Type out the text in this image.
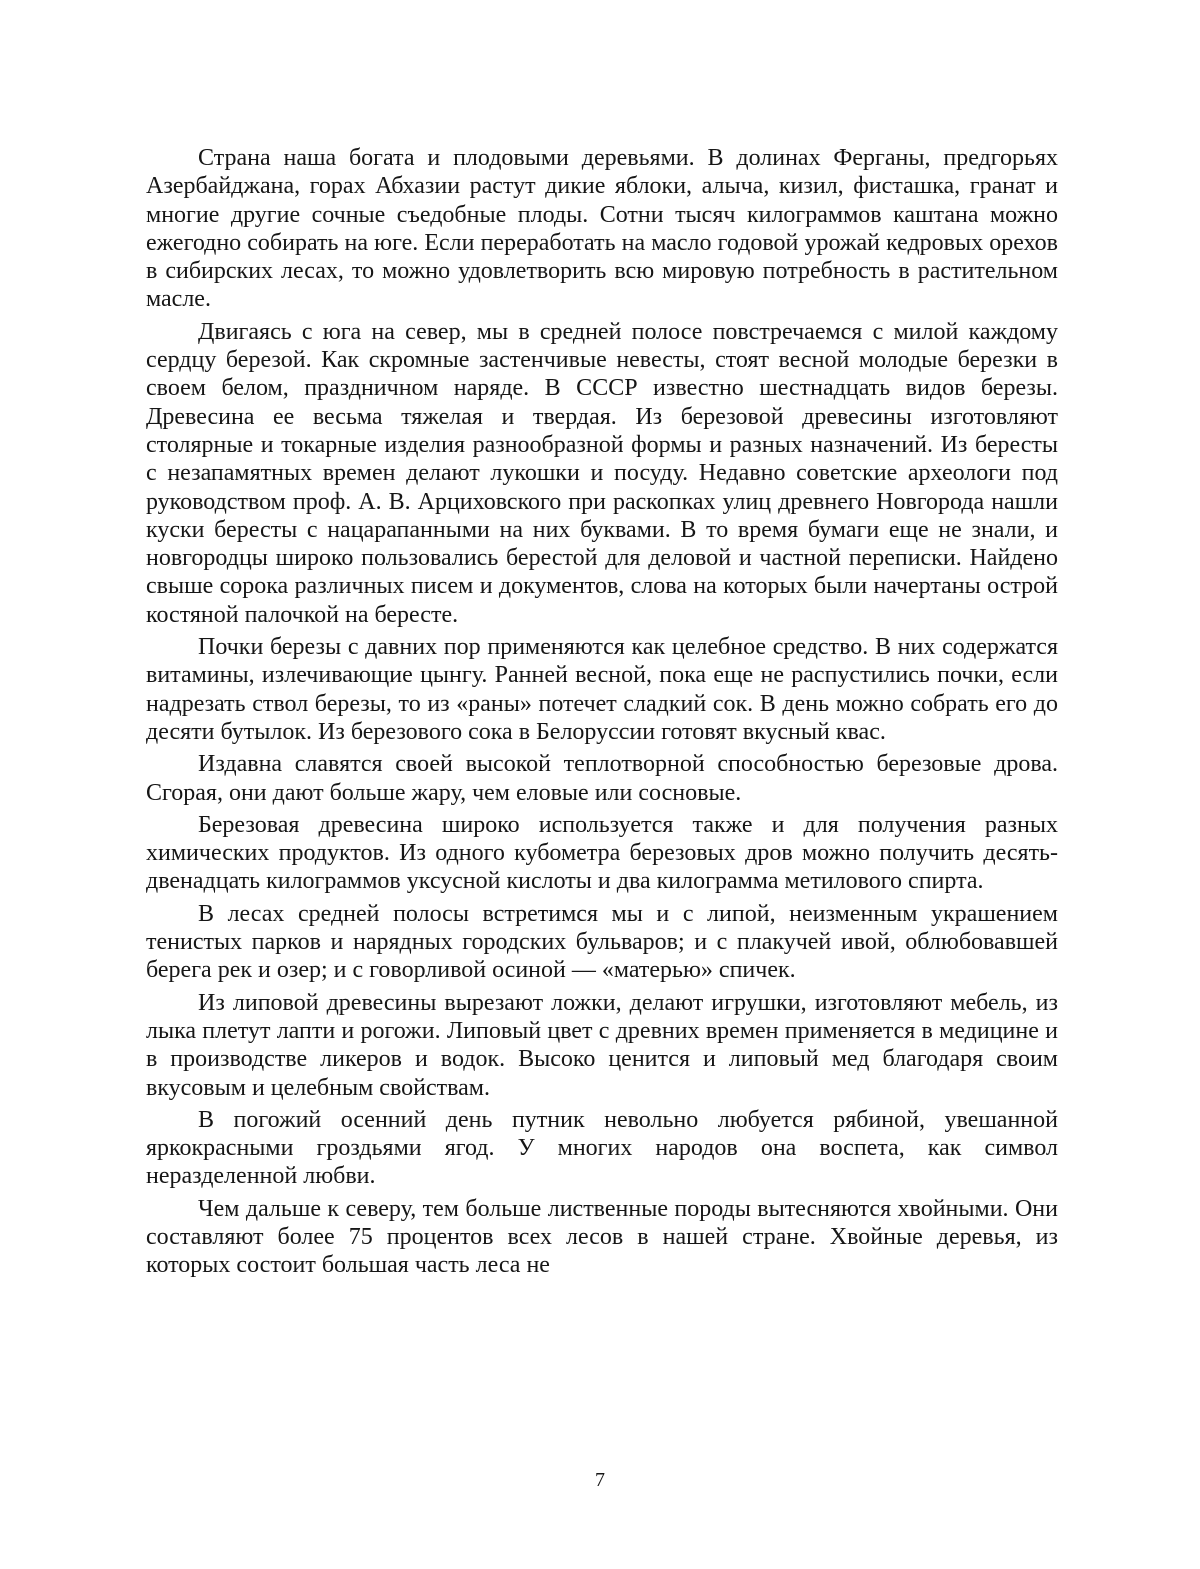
Страна наша богата и плодовыми деревьями. В долинах Ферганы, предгорьях Азербайджана, горах Абхазии растут дикие яблоки, алыча, кизил, фисташка, гранат и многие другие сочные съедобные плоды. Сотни тысяч килограммов каштана можно ежегодно собирать на юге. Если переработать на масло годовой урожай кедровых орехов в сибирских лесах, то можно удовлетворить всю мировую потребность в растительном масле.

Двигаясь с юга на север, мы в средней полосе повстречаемся с милой каждому сердцу березой. Как скромные застенчивые невесты, стоят весной молодые березки в своем белом, праздничном наряде. В СССР известно шестнадцать видов березы. Древесина ее весьма тяжелая и твердая. Из березовой древесины изготовляют столярные и токарные изделия разнообразной формы и разных назначений. Из бересты с незапамятных времен делают лукошки и посуду. Недавно советские археологи под руководством проф. А. В. Арциховского при раскопках улиц древнего Новгорода нашли куски бересты с нацарапанными на них буквами. В то время бумаги еще не знали, и новгородцы широко пользовались берестой для деловой и частной переписки. Найдено свыше сорока различных писем и документов, слова на которых были начертаны острой костяной палочкой на бересте.

Почки березы с давних пор применяются как целебное средство. В них содержатся витамины, излечивающие цынгу. Ранней весной, пока еще не распустились почки, если надрезать ствол березы, то из «раны» потечет сладкий сок. В день можно собрать его до десяти бутылок. Из березового сока в Белоруссии готовят вкусный квас.

Издавна славятся своей высокой теплотворной способностью березовые дрова. Сгорая, они дают больше жару, чем еловые или сосновые.

Березовая древесина широко используется также и для получения разных химических продуктов. Из одного кубометра березовых дров можно получить десять-двенадцать килограммов уксусной кислоты и два килограмма метилового спирта.

В лесах средней полосы встретимся мы и с липой, неизменным украшением тенистых парков и нарядных городских бульваров; и с плакучей ивой, облюбовавшей берега рек и озер; и с говорливой осиной — «матерью» спичек.

Из липовой древесины вырезают ложки, делают игрушки, изготовляют мебель, из лыка плетут лапти и рогожи. Липовый цвет с древних времен применяется в медицине и в производстве ликеров и водок. Высоко ценится и липовый мед благодаря своим вкусовым и целебным свойствам.

В погожий осенний день путник невольно любуется рябиной, увешанной яркокрасными гроздьями ягод. У многих народов она воспета, как символ неразделенной любви.

Чем дальше к северу, тем больше лиственные породы вытесняются хвойными. Они составляют более 75 процентов всех лесов в нашей стране. Хвойные деревья, из которых состоит большая часть леса не

7
